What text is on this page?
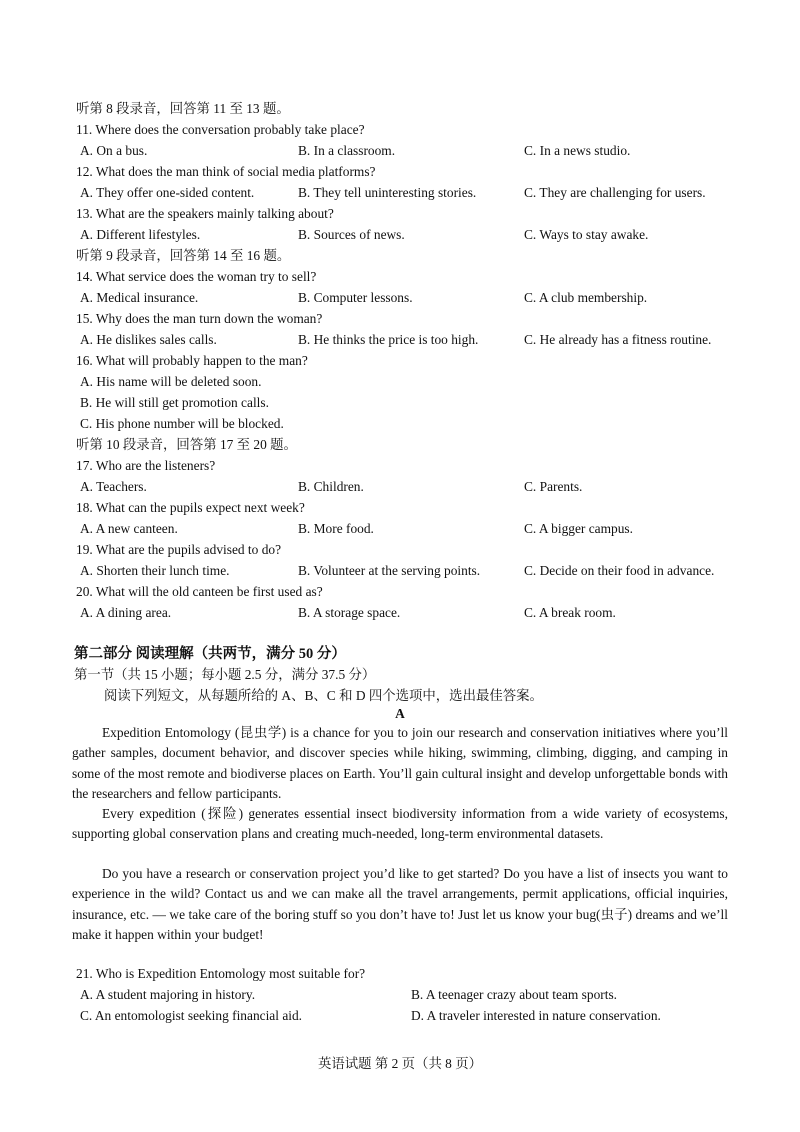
听第 8 段录音，回答第 11 至 13 题。
11. Where does the conversation probably take place?
A. On a bus.	B. In a classroom.	C. In a news studio.
12. What does the man think of social media platforms?
A. They offer one-sided content.	B. They tell uninteresting stories.	C. They are challenging for users.
13. What are the speakers mainly talking about?
A. Different lifestyles.	B. Sources of news.	C. Ways to stay awake.
听第 9 段录音，回答第 14 至 16 题。
14. What service does the woman try to sell?
A. Medical insurance.	B. Computer lessons.	C. A club membership.
15. Why does the man turn down the woman?
A. He dislikes sales calls.	B. He thinks the price is too high.	C. He already has a fitness routine.
16. What will probably happen to the man?
A. His name will be deleted soon.
B. He will still get promotion calls.
C. His phone number will be blocked.
听第 10 段录音，回答第 17 至 20 题。
17. Who are the listeners?
A. Teachers.	B. Children.	C. Parents.
18. What can the pupils expect next week?
A. A new canteen.	B. More food.	C. A bigger campus.
19. What are the pupils advised to do?
A. Shorten their lunch time.	B. Volunteer at the serving points.	C. Decide on their food in advance.
20. What will the old canteen be first used as?
A. A dining area.	B. A storage space.	C. A break room.
第二部分 阅读理解（共两节，满分 50 分）
第一节（共 15 小题；每小题 2.5 分，满分 37.5 分）
阅读下列短文，从每题所给的 A、B、C 和 D 四个选项中，选出最佳答案。
A
Expedition Entomology (昆虫学) is a chance for you to join our research and conservation initiatives where you’ll gather samples, document behavior, and discover species while hiking, swimming, climbing, digging, and camping in some of the most remote and biodiverse places on Earth. You’ll gain cultural insight and develop unforgettable bonds with the researchers and fellow participants.
Every expedition (探险) generates essential insect biodiversity information from a wide variety of ecosystems, supporting global conservation plans and creating much-needed, long-term environmental datasets.
Do you have a research or conservation project you’d like to get started? Do you have a list of insects you want to experience in the wild? Contact us and we can make all the travel arrangements, permit applications, official inquiries, insurance, etc. — we take care of the boring stuff so you don’t have to! Just let us know your bug(虫子) dreams and we’ll make it happen within your budget!
21. Who is Expedition Entomology most suitable for?
A. A student majoring in history.	B. A teenager crazy about team sports.
C. An entomologist seeking financial aid.	D. A traveler interested in nature conservation.
英语试题 第 2 页（共 8 页）
